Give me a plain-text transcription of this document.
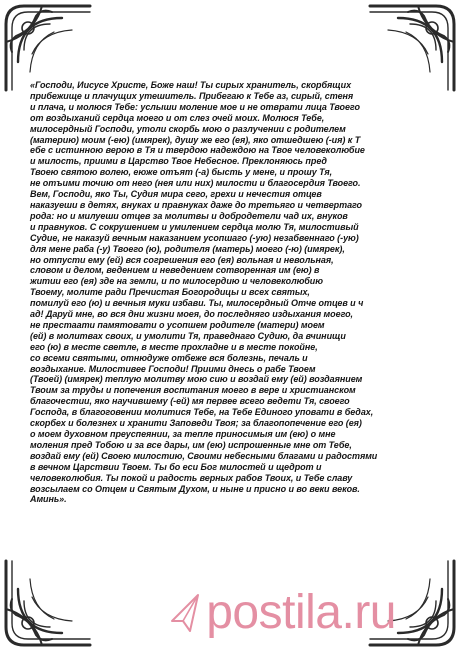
«Господи, Иисусе Христе, Боже наш! Ты сирых хранитель, скорбящих
прибежище и плачущих утешитель. Прибегаю к Тебе аз, сирый, стеня
и плача, и молюся Тебе: услыши моление мое и не отврати лица Твоего
от воздыханий сердца моего и от слез очей моих. Молюся Тебе,
милосердный Господи, утоли скорбь мою о разлучении с родителем
(материю) моим (-ею) (имярек), душу же его (ея), яко отшедшею (-ия) к Т
ебе с истинною верою в Тя и твердою надеждою на Твое человеколюбие
и милость, приими в Царство Твое Небесное. Преклоняюсь пред
Твоею святою волею, еюже отъят (-а) бысть у мене, и прошу Тя,
не отъими точию от него (нея или них) милости и благоcердия Твоего.
Вем, Господи, яко Ты, Судия мира сего, грехи и нечестия отцев
наказуеши в детях, внуках и правнуках даже до третьяго и четвертаго
рода: но и милуеши отцев за молитвы и добродетели чад их, внуков
и правнуков. С сокрушением и умилением сердца молю Тя, милостивый
Судие, не наказуй вечным наказанием усопшаго (-ую) незабвеннаго (-ую)
для мене раба (-у) Твоего (ю), родителя (матерь) моего (-ю) (имярек),
но отпусти ему (ей) вся согрешения его (ея) вольная и невольная,
словом и делом, ведением и неведением сотворенная им (ею) в
житии его (ея) зде на земли, и по милосердию и человеколюбию
Твоему, молите ради Пречистая Богородицы и всех святых,
помилуй его (ю) и вечныя муки избави. Ты, милосердный Отче отцев и ч
ад! Даруй мне, во вся дни жизни моея, до последняго издыхания моего,
не престаати памятовати о усопшем родителе (матери) моем
(ей) в молитвах своих, и умолити Тя, праведнаго Судию, да вчинищи
его (ю) в месте светле, в месте прохладне и в месте покойне,
со всеми святыми, отнюдуже отбеже вся болезнь, печаль и
воздыхание. Милостивее Господи! Приими днесь о рабе Твоем
(Твоей) (имярек) теплую молитву мою сию и воздай ему (ей) воздаянием
Твоим за труды и попечения воспитания моего в вере и христианском
благочестии, яко научившему (-ей) мя первее всего ведети Тя, своего
Господа, в благоговении молитися Тебе, на Тебе Единого уповати в бедах,
скорбех и болезнех и хранити Заповеди Твоя; за благопопечение его (ея)
о моем духовном преуспеянии, за тепле приносимыя им (ею) о мне
моления пред Тобою и за все дары, им (ею) испрошенные мне от Тебе,
воздай ему (ей) Своею милостию, Своими небесными благами и радостями
в вечном Царствии Твоем. Ты бо еси Бог милостей и щедрот и
человеколюбия. Ты покой и радость верных рабов Твоих, и Тебе славу
возсылаем со Отцем и Святым Духом, и ныне и присно и во веки веков.
Аминь».

postila.ru
